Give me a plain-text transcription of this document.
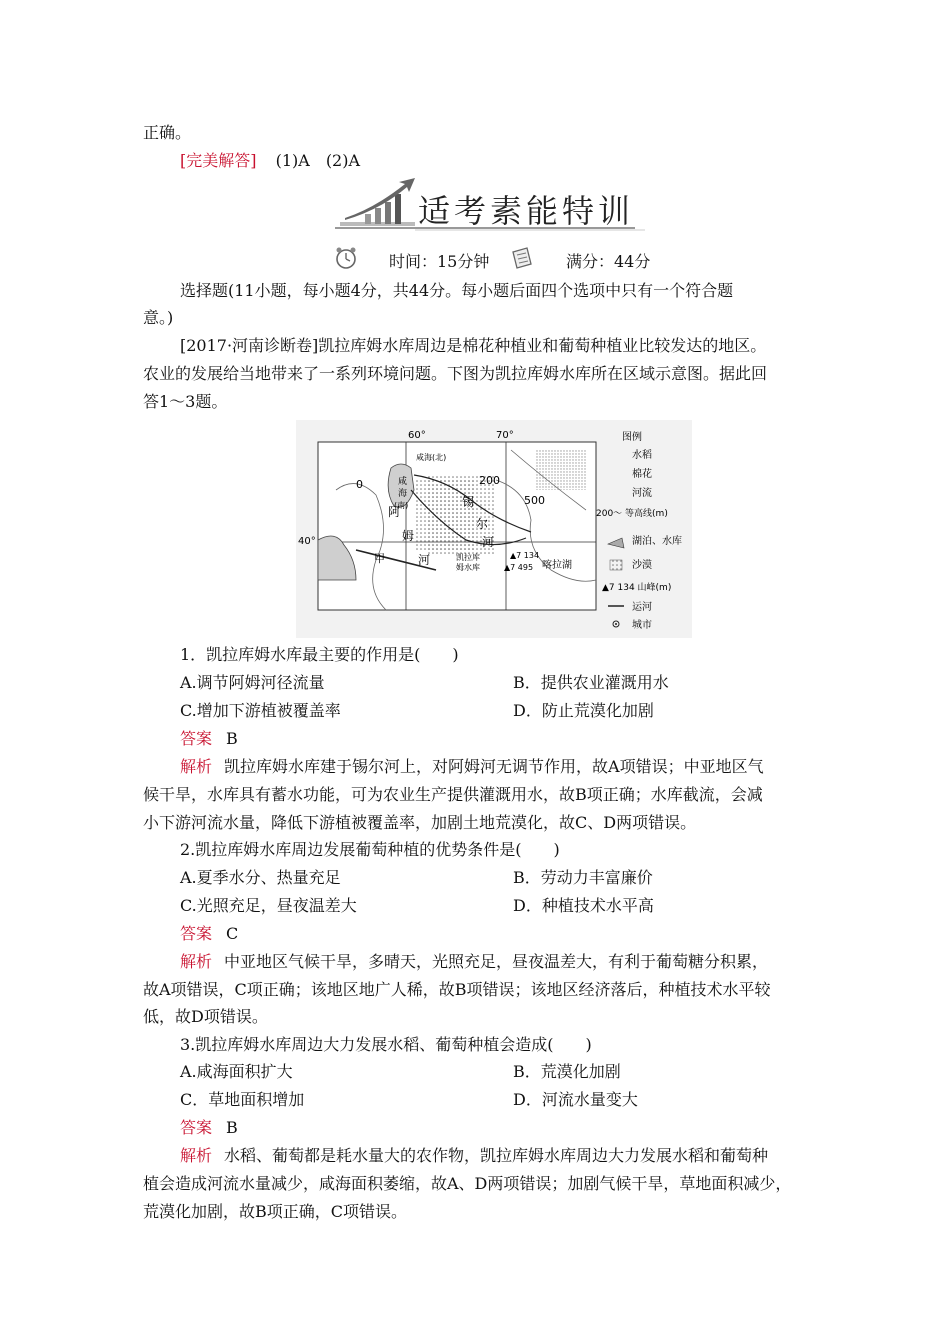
正确。
[完美解答] (1)A　(2)A
适考素能特训
时间：15分钟	满分：44分
选择题(11小题，每小题4分，共44分。每小题后面四个选项中只有一个符合题
意。)
[2017·河南诊断卷]凯拉库姆水库周边是棉花种植业和葡萄种植业比较发达的地区。
农业的发展给当地带来了一系列环境问题。下图为凯拉库姆水库所在区域示意图。据此回
答1～3题。
60°	70°
40°
咸海(北)
咸
海
(南)
0	200
500
阿
姆
河
锡
尔
河
甲	凯拉库
姆水库
▲7 134
▲7 495 喀拉湖
图例
水稻
棉花
河流
200～ 等高线(m)
湖泊、水库
沙漠
▲7 134 山峰(m)
运河
城市
1．凯拉库姆水库最主要的作用是(　　)
A.调节阿姆河径流量	B．提供农业灌溉用水
C.增加下游植被覆盖率	D．防止荒漠化加剧
答案 B
解析 凯拉库姆水库建于锡尔河上，对阿姆河无调节作用，故A项错误；中亚地区气
候干旱，水库具有蓄水功能，可为农业生产提供灌溉用水，故B项正确；水库截流，会减
小下游河流水量，降低下游植被覆盖率，加剧土地荒漠化，故C、D两项错误。
2.凯拉库姆水库周边发展葡萄种植的优势条件是(　　)
A.夏季水分、热量充足	B．劳动力丰富廉价
C.光照充足，昼夜温差大	D．种植技术水平高
答案 C
解析 中亚地区气候干旱，多晴天，光照充足，昼夜温差大，有利于葡萄糖分积累，
故A项错误，C项正确；该地区地广人稀，故B项错误；该地区经济落后，种植技术水平较
低，故D项错误。
3.凯拉库姆水库周边大力发展水稻、葡萄种植会造成(　　)
A.咸海面积扩大	B．荒漠化加剧
C．草地面积增加	D．河流水量变大
答案 B
解析 水稻、葡萄都是耗水量大的农作物，凯拉库姆水库周边大力发展水稻和葡萄种
植会造成河流水量减少，咸海面积萎缩，故A、D两项错误；加剧气候干旱，草地面积减少，
荒漠化加剧，故B项正确，C项错误。
